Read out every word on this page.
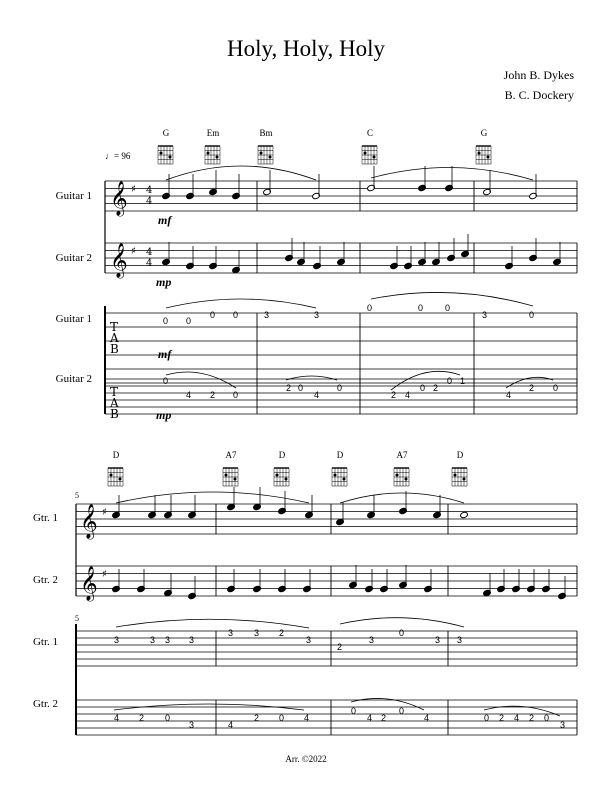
Holy, Holy, Holy
John B. Dykes
B. C. Dockery
♩= 96
G	Em	Bm	C	G
D	A7	D	D	A7	D
Guitar 1
Guitar 2
Guitar 1
Guitar 2
Gtr. 1
Gtr. 2
Gtr. 1
Gtr. 2
mf
mp
mf
mp
5
5
0 0
0 0	3	3
0	0 0
3	0
0
4 2 0
2 0
4
0
2 4
0 2
0 1
4
2 0
3	3 3 3
3 3 2
3
2
3
0
3 3
4 2 0
3	4
2 0 4
0
4 2
0
4	0 2 4 2 0
3
Arr. ©2022
𝄞
𝄞
𝄞
𝄞
♯
♯
♯
♯
4
4
4
4
T
A
B
T
A
B
